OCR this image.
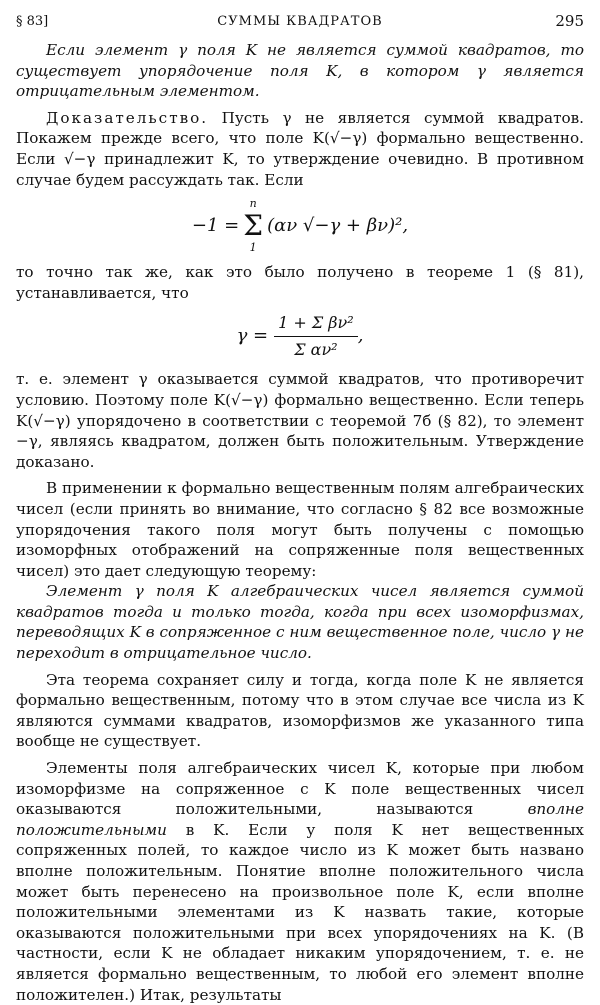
§ 83]	СУММЫ КВАДРАТОВ	295

Если элемент γ поля K не является суммой квадратов, то существует упорядочение поля K, в котором γ является отрицательным элементом.

Доказательство. Пусть γ не является суммой квадратов. Покажем прежде всего, что поле K(√−γ) формально вещественно. Если √−γ принадлежит K, то утверждение очевидно. В противном случае будем рассуждать так. Если

−1 =
n
Σ
1
(αν √−γ + βν)²,

то точно так же, как это было получено в теореме 1 (§ 81), устанавливается, что

$\gamma = \frac{\text{1 + Σ βν²}}{\text{Σ αν²}}$ ,

т. е. элемент γ оказывается суммой квадратов, что противоречит условию. Поэтому поле K(√−γ) формально вещественно. Если теперь K(√−γ) упорядочено в соответствии с теоремой 7б (§ 82), то элемент −γ, являясь квадратом, должен быть положительным. Утверждение доказано.

В применении к формально вещественным полям алгебраических чисел (если принять во внимание, что согласно § 82 все возможные упорядочения такого поля могут быть получены с помощью изоморфных отображений на сопряженные поля вещественных чисел) это дает следующую теорему:

Элемент γ поля K алгебраических чисел является суммой квадратов тогда и только тогда, когда при всех изоморфизмах, переводящих K в сопряженное с ним вещественное поле, число γ не переходит в отрицательное число.

Эта теорема сохраняет силу и тогда, когда поле K не является формально вещественным, потому что в этом случае все числа из K являются суммами квадратов, изоморфизмов же указанного типа вообще не существует.

Элементы поля алгебраических чисел K, которые при любом изоморфизме на сопряженное с K поле вещественных чисел оказываются положительными, называются вполне положительными в K. Если у поля K нет вещественных сопряженных полей, то каждое число из K может быть названо вполне положительным. Понятие вполне положительного числа может быть перенесено на произвольное поле K, если вполне положительными элементами из K назвать такие, которые оказываются положительными при всех упорядочениях на K. (В частности, если K не обладает никаким упорядочением, т. е. не является формально вещественным, то любой его элемент вполне положителен.) Итак, результаты
